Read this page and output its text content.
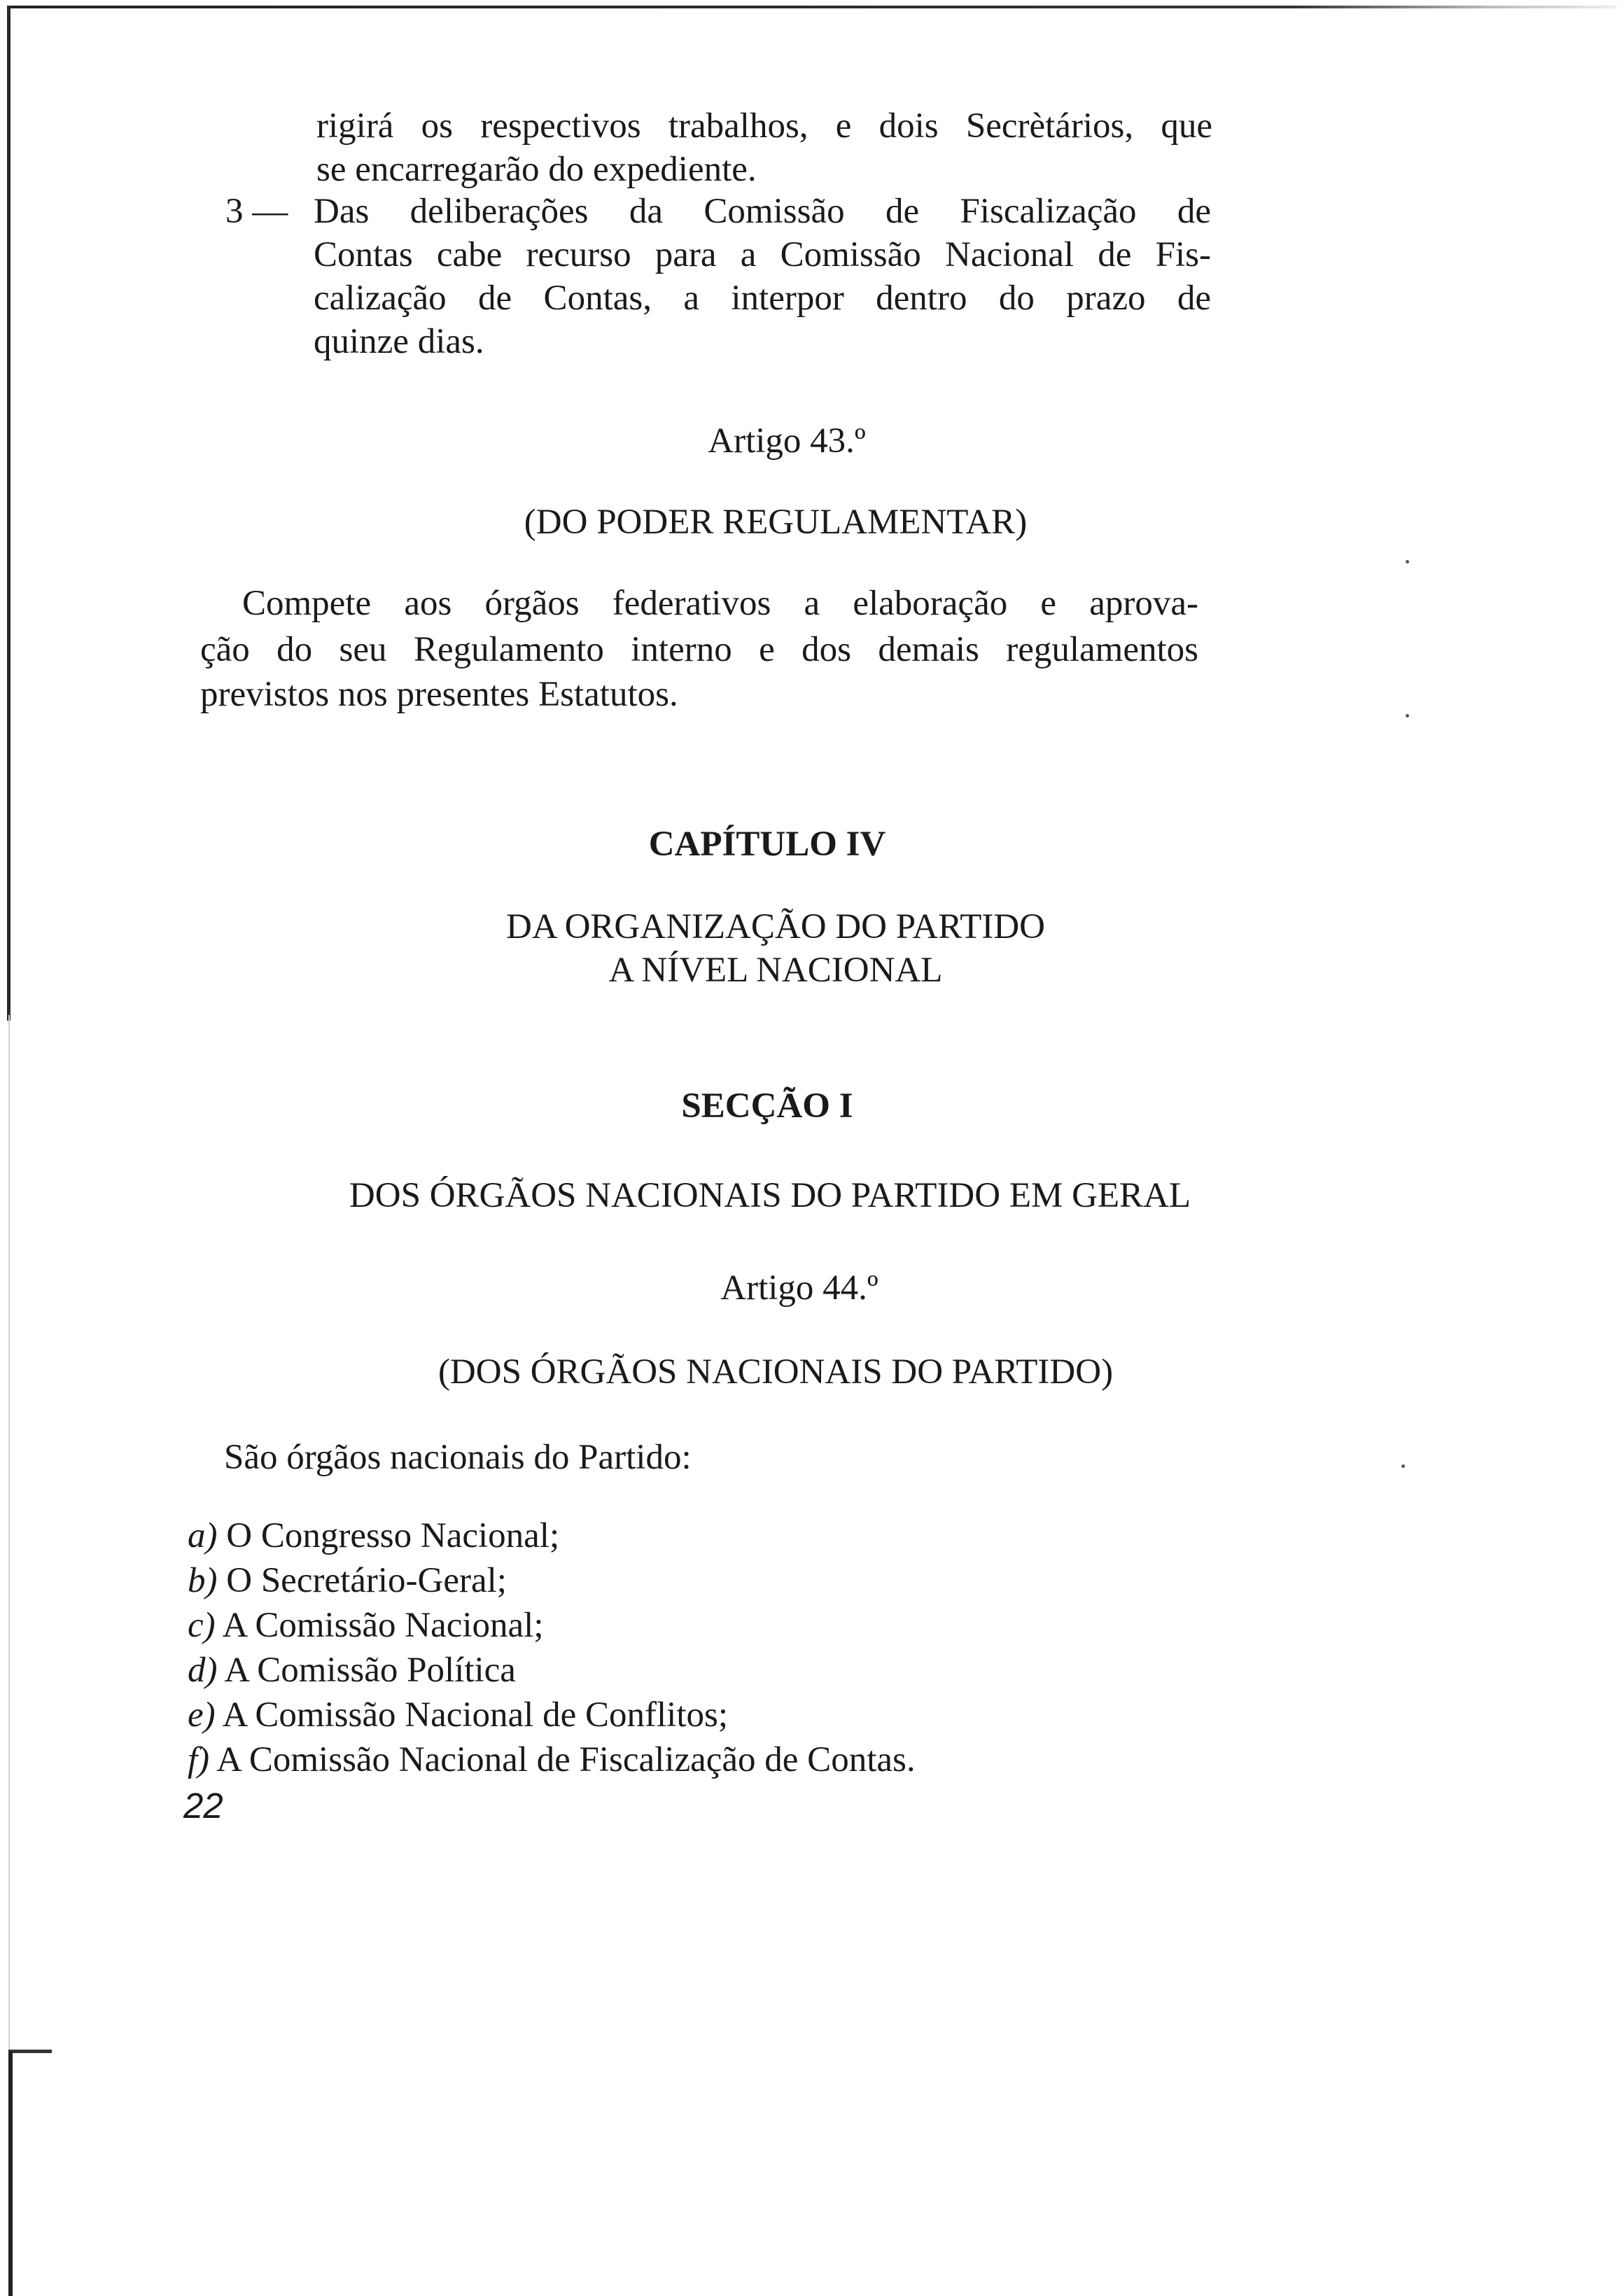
rigirá os respectivos trabalhos, e dois Secrètários, que
se encarregarão do expediente.
3 — Das deliberações da Comissão de Fiscalização de
Contas cabe recurso para a Comissão Nacional de Fis-
calização de Contas, a interpor dentro do prazo de
quinze dias.
Artigo 43.º
(DO PODER REGULAMENTAR)
Compete aos órgãos federativos a elaboração e aprova-
ção do seu Regulamento interno e dos demais regulamentos
previstos nos presentes Estatutos.
CAPÍTULO IV
DA ORGANIZAÇÃO DO PARTIDO
A NÍVEL NACIONAL
SECÇÃO I
DOS ÓRGÃOS NACIONAIS DO PARTIDO EM GERAL
Artigo 44.º
(DOS ÓRGÃOS NACIONAIS DO PARTIDO)
São órgãos nacionais do Partido:
a) O Congresso Nacional;
b) O Secretário-Geral;
c) A Comissão Nacional;
d) A Comissão Política
e) A Comissão Nacional de Conflitos;
f) A Comissão Nacional de Fiscalização de Contas.
22
